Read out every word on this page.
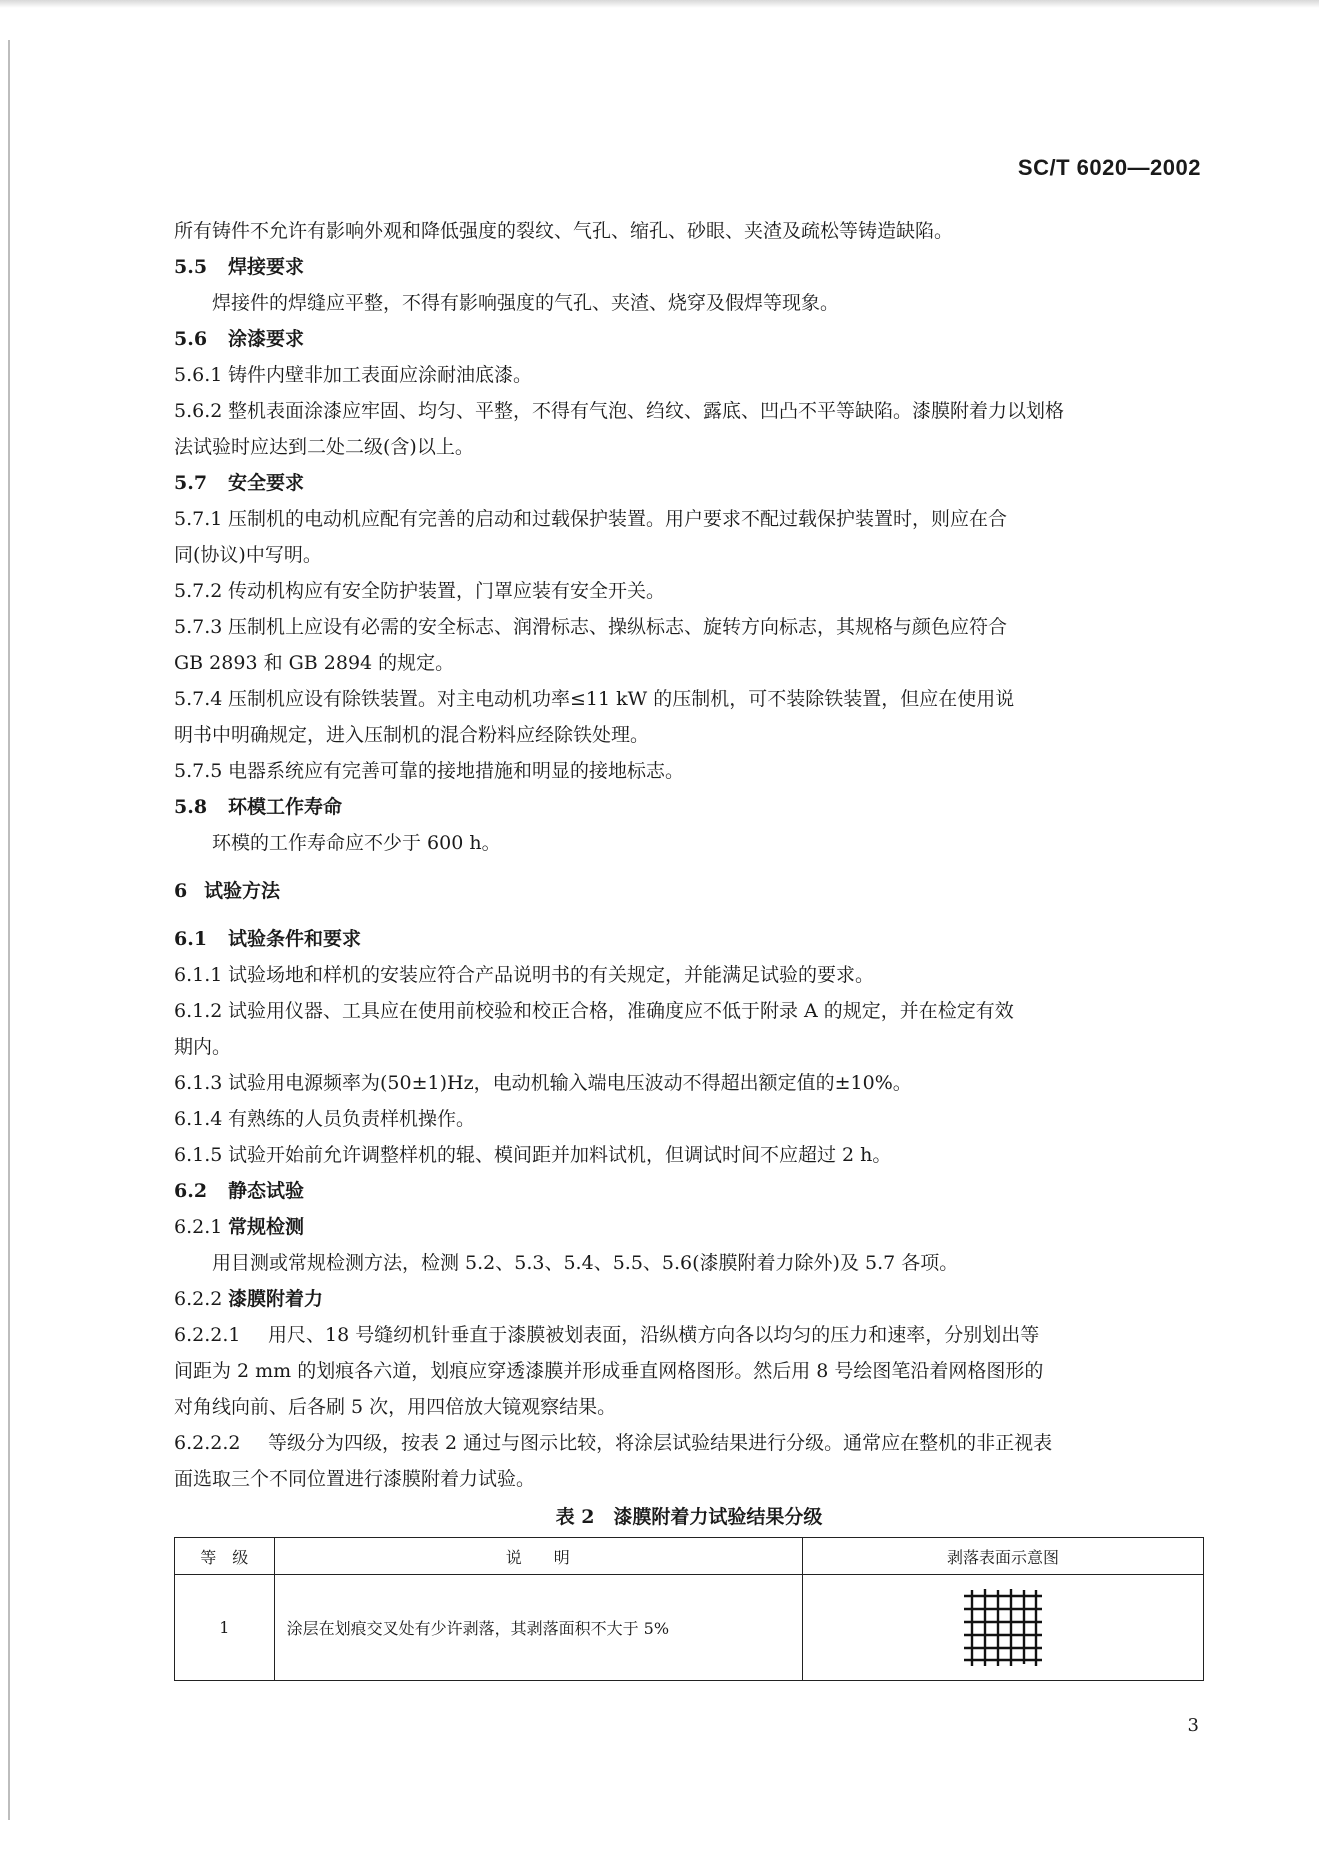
SC/T 6020—2002
所有铸件不允许有影响外观和降低强度的裂纹、气孔、缩孔、砂眼、夹渣及疏松等铸造缺陷。
5.5 焊接要求
焊接件的焊缝应平整，不得有影响强度的气孔、夹渣、烧穿及假焊等现象。
5.6 涂漆要求
5.6.1 铸件内壁非加工表面应涂耐油底漆。
5.6.2 整机表面涂漆应牢固、均匀、平整，不得有气泡、绉纹、露底、凹凸不平等缺陷。漆膜附着力以划格
法试验时应达到二处二级(含)以上。
5.7 安全要求
5.7.1 压制机的电动机应配有完善的启动和过载保护装置。用户要求不配过载保护装置时，则应在合
同(协议)中写明。
5.7.2 传动机构应有安全防护装置，门罩应装有安全开关。
5.7.3 压制机上应设有必需的安全标志、润滑标志、操纵标志、旋转方向标志，其规格与颜色应符合
GB 2893 和 GB 2894 的规定。
5.7.4 压制机应设有除铁装置。对主电动机功率≤11 kW 的压制机，可不装除铁装置，但应在使用说
明书中明确规定，进入压制机的混合粉料应经除铁处理。
5.7.5 电器系统应有完善可靠的接地措施和明显的接地标志。
5.8 环模工作寿命
环模的工作寿命应不少于 600 h。
6 试验方法
6.1 试验条件和要求
6.1.1 试验场地和样机的安装应符合产品说明书的有关规定，并能满足试验的要求。
6.1.2 试验用仪器、工具应在使用前校验和校正合格，准确度应不低于附录 A 的规定，并在检定有效
期内。
6.1.3 试验用电源频率为(50±1)Hz，电动机输入端电压波动不得超出额定值的±10%。
6.1.4 有熟练的人员负责样机操作。
6.1.5 试验开始前允许调整样机的辊、模间距并加料试机，但调试时间不应超过 2 h。
6.2 静态试验
6.2.1 常规检测
用目测或常规检测方法，检测 5.2、5.3、5.4、5.5、5.6(漆膜附着力除外)及 5.7 各项。
6.2.2 漆膜附着力
6.2.2.1 用尺、18 号缝纫机针垂直于漆膜被划表面，沿纵横方向各以均匀的压力和速率，分别划出等
间距为 2 mm 的划痕各六道，划痕应穿透漆膜并形成垂直网格图形。然后用 8 号绘图笔沿着网格图形的
对角线向前、后各刷 5 次，用四倍放大镜观察结果。
6.2.2.2 等级分为四级，按表 2 通过与图示比较，将涂层试验结果进行分级。通常应在整机的非正视表
面选取三个不同位置进行漆膜附着力试验。
表 2　漆膜附着力试验结果分级
等　级	说　　明	剥落表面示意图
1	涂层在划痕交叉处有少许剥落，其剥落面积不大于 5%	
3
